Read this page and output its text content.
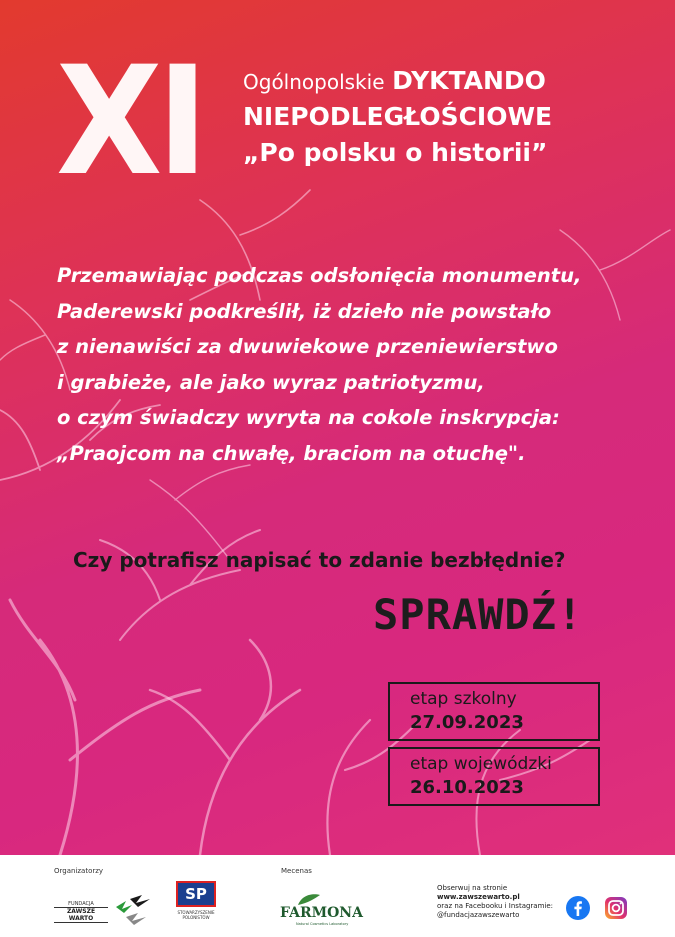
XI Ogólnopolskie DYKTANDO
NIEPODLEGŁOŚCIOWE
„Po polsku o historii”
Przemawiając podczas odsłonięcia monumentu,
Paderewski podkreślił, iż dzieło nie powstało
z nienawiści za dwuwiekowe przeniewierstwo
i grabieże, ale jako wyraz patriotyzmu,
o czym świadczy wyryta na cokole inskrypcja:
„Praojcom na chwałę, braciom na otuchę".
Czy potrafisz napisać to zdanie bezbłędnie?
SPRAWDŹ!
etap szkolny
27.09.2023
etap wojewódzki
26.10.2023
Organizatorzy	Mecenas
FUNDACJA
ZAWSZE WARTO
SP
STOWARZYSZENIE
POLONISTÓW	FARMONA
Natural Cosmetics Laboratory
Obserwuj na stronie
www.zawszewarto.pl
oraz na Facebooku i Instagramie:
@fundacjazawszewarto
